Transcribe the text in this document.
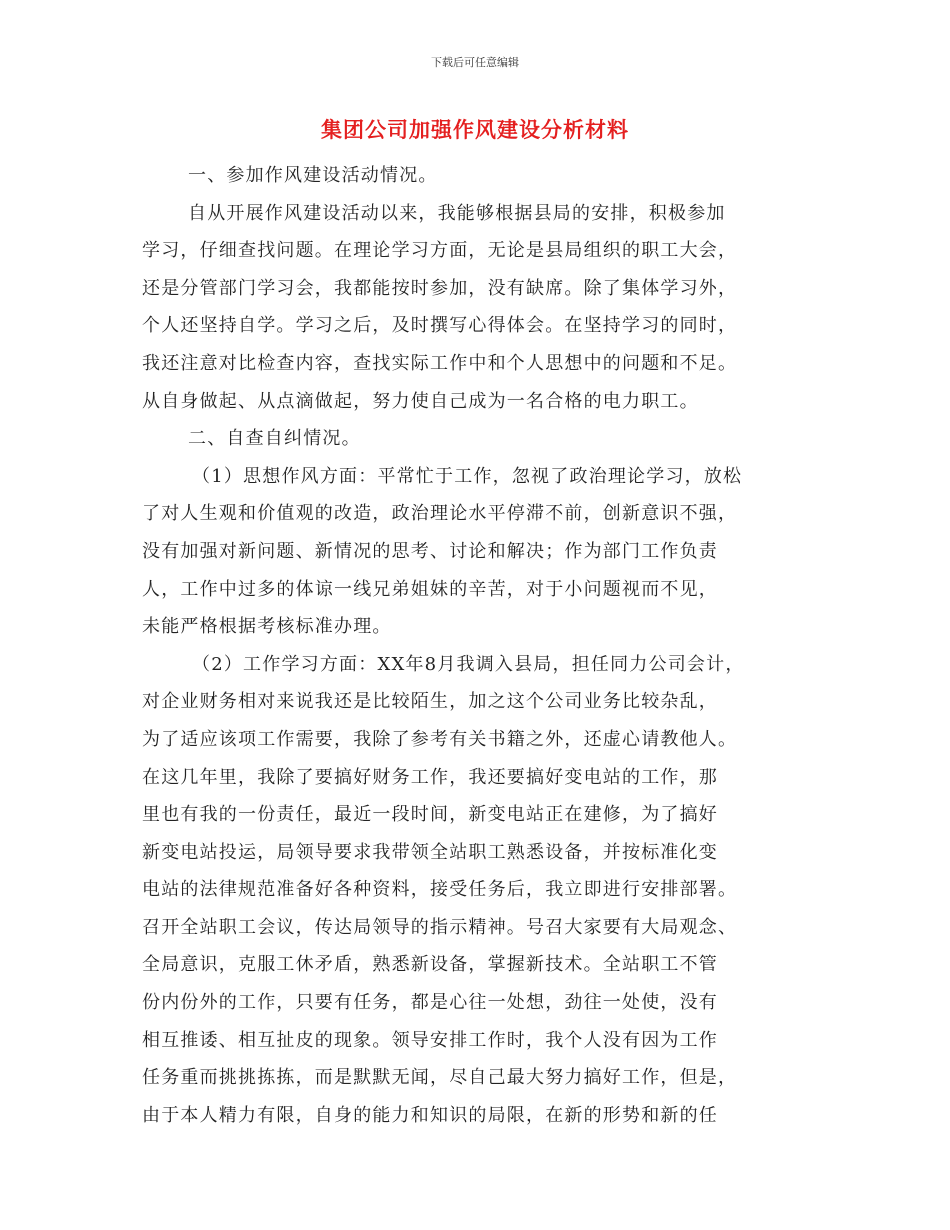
下载后可任意编辑
集团公司加强作风建设分析材料
一、参加作风建设活动情况。
自从开展作风建设活动以来，我能够根据县局的安排，积极参加
学习，仔细查找问题。在理论学习方面，无论是县局组织的职工大会，
还是分管部门学习会，我都能按时参加，没有缺席。除了集体学习外，
个人还坚持自学。学习之后，及时撰写心得体会。在坚持学习的同时，
我还注意对比检查内容，查找实际工作中和个人思想中的问题和不足。
从自身做起、从点滴做起，努力使自己成为一名合格的电力职工。
二、自查自纠情况。
（1）思想作风方面：平常忙于工作，忽视了政治理论学习，放松
了对人生观和价值观的改造，政治理论水平停滞不前，创新意识不强，
没有加强对新问题、新情况的思考、讨论和解决；作为部门工作负责
人，工作中过多的体谅一线兄弟姐妹的辛苦，对于小问题视而不见，
未能严格根据考核标准办理。
（2）工作学习方面：XX年8月我调入县局，担任同力公司会计，
对企业财务相对来说我还是比较陌生，加之这个公司业务比较杂乱，
为了适应该项工作需要，我除了参考有关书籍之外，还虚心请教他人。
在这几年里，我除了要搞好财务工作，我还要搞好变电站的工作，那
里也有我的一份责任，最近一段时间，新变电站正在建修，为了搞好
新变电站投运，局领导要求我带领全站职工熟悉设备，并按标准化变
电站的法律规范准备好各种资料，接受任务后，我立即进行安排部署。
召开全站职工会议，传达局领导的指示精神。号召大家要有大局观念、
全局意识，克服工休矛盾，熟悉新设备，掌握新技术。全站职工不管
份内份外的工作，只要有任务，都是心往一处想，劲往一处使，没有
相互推诿、相互扯皮的现象。领导安排工作时，我个人没有因为工作
任务重而挑挑拣拣，而是默默无闻，尽自己最大努力搞好工作，但是，
由于本人精力有限，自身的能力和知识的局限，在新的形势和新的任
